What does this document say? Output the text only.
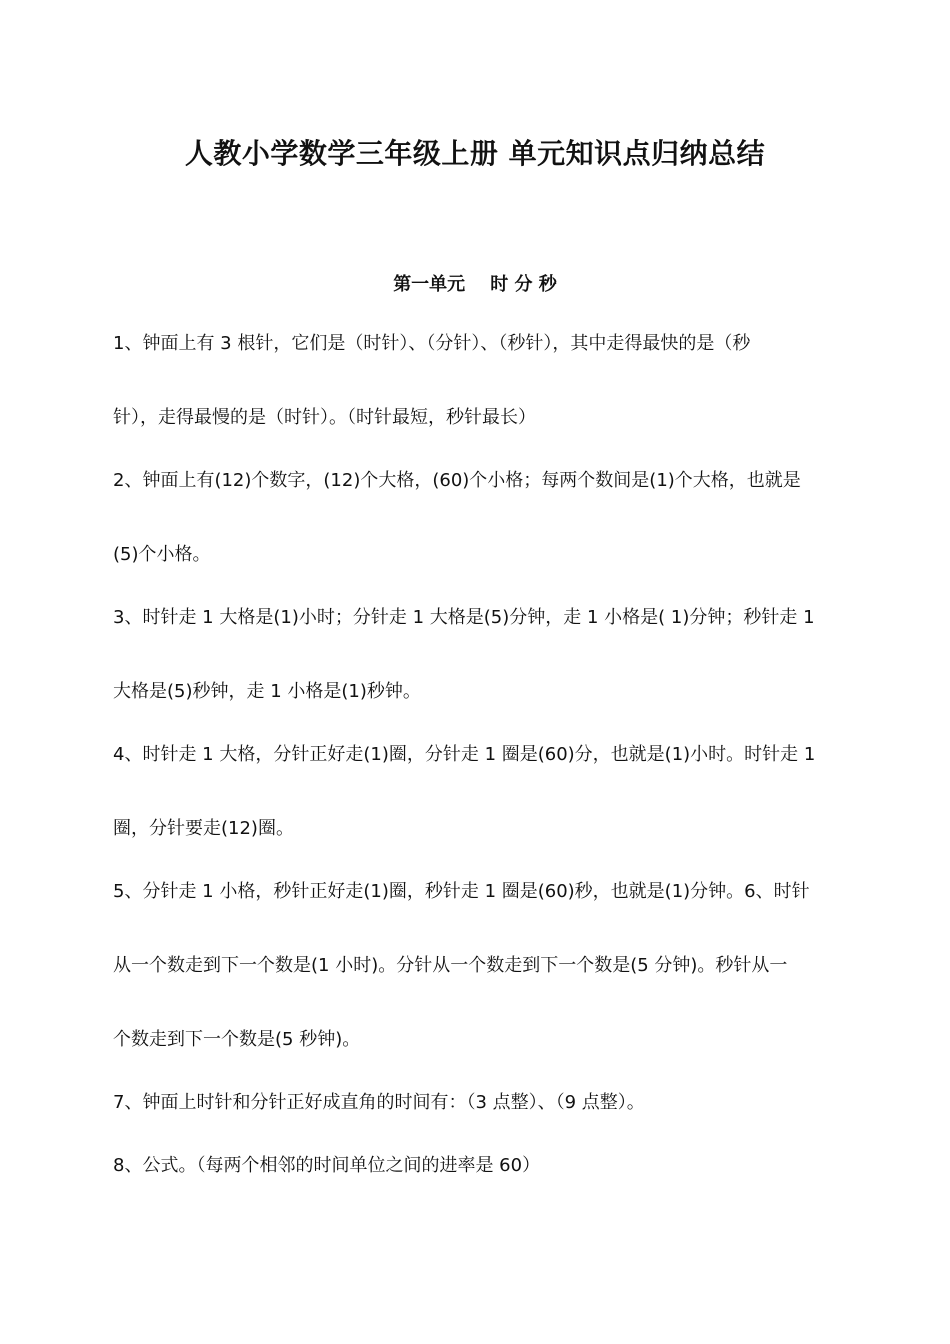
人教小学数学三年级上册 单元知识点归纳总结
第一单元    时 分 秒

1、钟面上有 3 根针，它们是（时针）、（分针）、（秒针），其中走得最快的是（秒

针），走得最慢的是（时针）。（时针最短，秒针最长）

2、钟面上有(12)个数字，(12)个大格，(60)个小格；每两个数间是(1)个大格，也就是

(5)个小格。

3、时针走 1 大格是(1)小时；分针走 1 大格是(5)分钟，走 1 小格是( 1)分钟；秒针走 1

大格是(5)秒钟，走 1 小格是(1)秒钟。

4、时针走 1 大格，分针正好走(1)圈，分针走 1 圈是(60)分，也就是(1)小时。时针走 1

圈，分针要走(12)圈。

5、分针走 1 小格，秒针正好走(1)圈，秒针走 1 圈是(60)秒，也就是(1)分钟。6、时针

从一个数走到下一个数是(1 小时)。分针从一个数走到下一个数是(5 分钟)。秒针从一

个数走到下一个数是(5 秒钟)。

7、钟面上时针和分针正好成直角的时间有：（3 点整）、（9 点整）。

8、公式。（每两个相邻的时间单位之间的进率是 60）
